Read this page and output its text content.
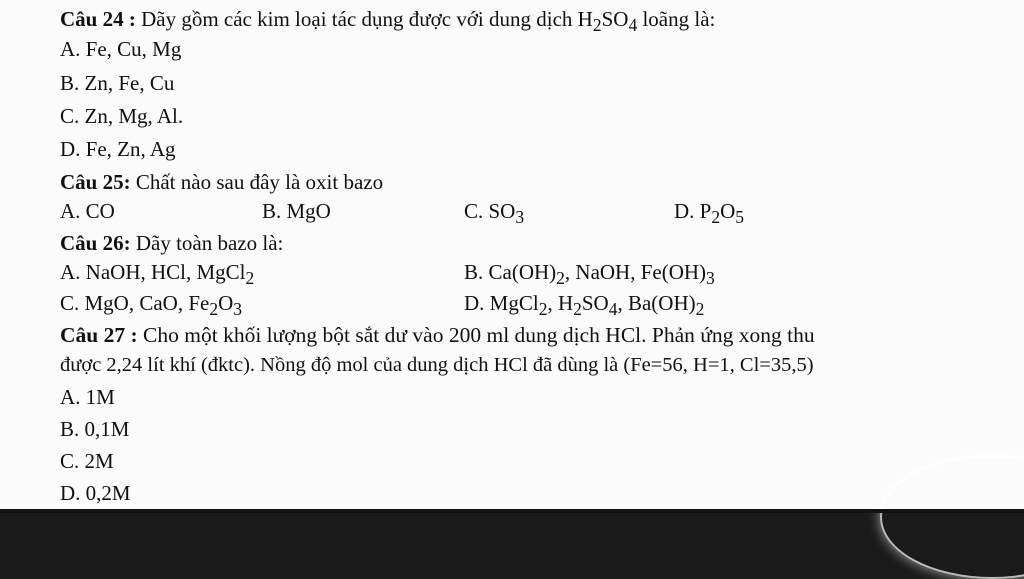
Câu 24 : Dãy gồm các kim loại tác dụng được với dung dịch $H_2SO_4$ loãng là:
A. Fe, Cu, Mg
B. Zn, Fe, Cu
C. Zn, Mg, Al.
D. Fe, Zn, Ag
Câu 25: Chất nào sau đây là oxit bazo
A. CO	B. MgO	C. $SO_3$	D. $P_2O_5$
Câu 26: Dãy toàn bazo là:
A. NaOH, HCl, MgCl$_2$	B. $Ca(OH)_2$, NaOH, $Fe(OH)_3$
C. MgO, CaO, $Fe_2O_3$	D. MgCl$_2$, $H_2SO_4$, $Ba(OH)_2$
Câu 27 : Cho một khối lượng bột sắt dư vào 200 ml dung dịch HCl. Phản ứng xong thu
được 2,24 lít khí (đktc). Nồng độ mol của dung dịch HCl đã dùng là (Fe=56, H=1, Cl=35,5)
A. 1M
B. 0,1M
C. 2M
D. 0,2M
